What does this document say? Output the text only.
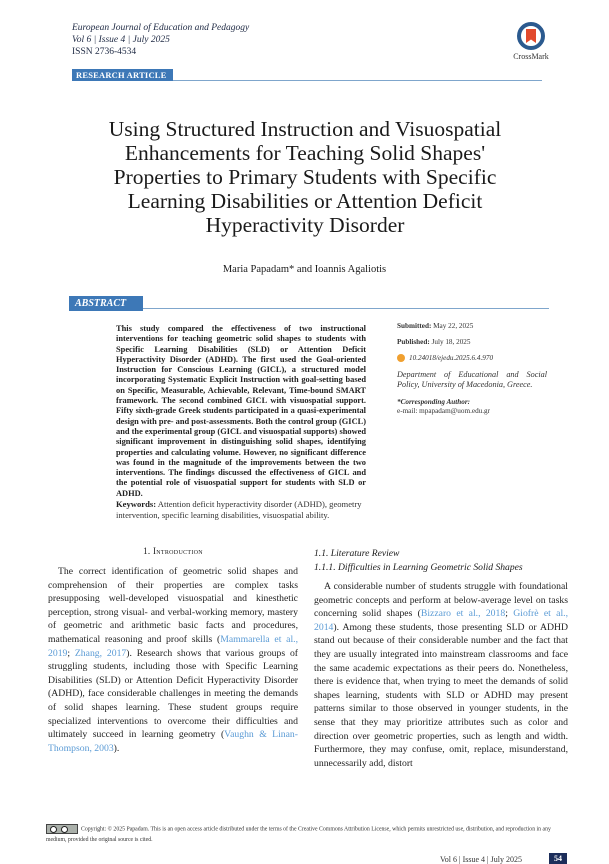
European Journal of Education and Pedagogy
Vol 6 | Issue 4 | July 2025
ISSN 2736-4534
RESEARCH ARTICLE
CrossMark
Using Structured Instruction and Visuospatial Enhancements for Teaching Solid Shapes' Properties to Primary Students with Specific Learning Disabilities or Attention Deficit Hyperactivity Disorder
Maria Papadam* and Ioannis Agaliotis
ABSTRACT
This study compared the effectiveness of two instructional interventions for teaching geometric solid shapes to students with Specific Learning Disabilities (SLD) or Attention Deficit Hyperactivity Disorder (ADHD). The first used the Goal-oriented Instruction for Conscious Learning (GICL), a structured model incorporating Systematic Explicit Instruction with goal-setting based on Specific, Measurable, Achievable, Relevant, Time-bound SMART framework. The second combined GICL with visuospatial support. Fifty sixth-grade Greek students participated in a quasi-experimental design with pre- and post-assessments. Both the control group (GICL) and the experimental group (GICL and visuospatial supports) showed significant improvement in distinguishing solid shapes, identifying properties and calculating volume. However, no significant difference was found in the magnitude of the improvements between the two interventions. The findings discussed the effectiveness of GICL and the potential role of visuospatial support for students with SLD or ADHD.
Submitted: May 22, 2025
Published: July 18, 2025
10.24018/ejedu.2025.6.4.970
Department of Educational and Social Policy, University of Macedonia, Greece.
*Corresponding Author:
e-mail: mpapadam@uom.edu.gr
Keywords: Attention deficit hyperactivity disorder (ADHD), geometry intervention, specific learning disabilities, visuospatial ability.
1. Introduction

The correct identification of geometric solid shapes and comprehension of their properties are complex tasks presupposing well-developed visuospatial and kinesthetic perception, strong visual- and verbal-working memory, mastery of geometric and arithmetic basic facts and procedures, mathematical reasoning and proof skills (Mammarella et al., 2019; Zhang, 2017). Research shows that various groups of struggling students, including those with Specific Learning Disabilities (SLD) or Attention Deficit Hyperactivity Disorder (ADHD), face considerable challenges in meeting the demands of solid shapes learning. These student groups require specialized interventions to overcome their difficulties and ultimately succeed in learning geometry (Vaughn & Linan-Thompson, 2003).

1.1. Literature Review
1.1.1. Difficulties in Learning Geometric Solid Shapes

A considerable number of students struggle with foundational geometric concepts and perform at below-average level on tasks concerning solid shapes (Bizzaro et al., 2018; Giofrè et al., 2014). Among these students, those presenting SLD or ADHD stand out because of their considerable number and the fact that they are usually integrated into mainstream classrooms and face the same academic expectations as their peers do. Nonetheless, there is evidence that, when trying to meet the demands of solid shapes learning, students with SLD or ADHD may present patterns similar to those observed in younger students, in the sense that they may prioritize attributes such as color and direction over geometric properties, such as length and width. Furthermore, they may confuse, omit, replace, misunderstand, unnecessarily add, distort

Copyright: © 2025 Papadam. This is an open access article distributed under the terms of the Creative Commons Attribution License, which permits unrestricted use, distribution, and reproduction in any medium, provided the original source is cited.
Vol 6 | Issue 4 | July 2025	54
